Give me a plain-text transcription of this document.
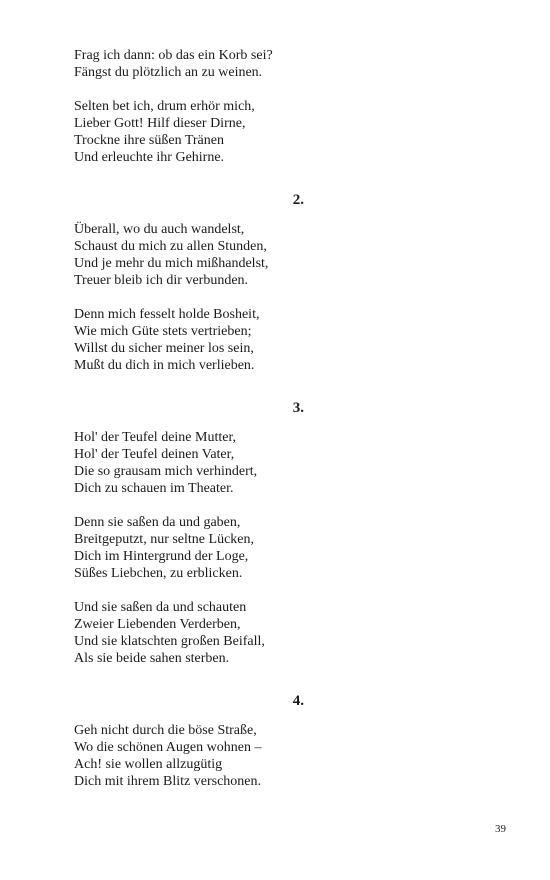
Frag ich dann: ob das ein Korb sei?
Fängst du plötzlich an zu weinen.
Selten bet ich, drum erhör mich,
Lieber Gott! Hilf dieser Dirne,
Trockne ihre süßen Tränen
Und erleuchte ihr Gehirne.
2.
Überall, wo du auch wandelst,
Schaust du mich zu allen Stunden,
Und je mehr du mich mißhandelst,
Treuer bleib ich dir verbunden.
Denn mich fesselt holde Bosheit,
Wie mich Güte stets vertrieben;
Willst du sicher meiner los sein,
Mußt du dich in mich verlieben.
3.
Hol' der Teufel deine Mutter,
Hol' der Teufel deinen Vater,
Die so grausam mich verhindert,
Dich zu schauen im Theater.
Denn sie saßen da und gaben,
Breitgeputzt, nur seltne Lücken,
Dich im Hintergrund der Loge,
Süßes Liebchen, zu erblicken.
Und sie saßen da und schauten
Zweier Liebenden Verderben,
Und sie klatschten großen Beifall,
Als sie beide sahen sterben.
4.
Geh nicht durch die böse Straße,
Wo die schönen Augen wohnen –
Ach! sie wollen allzugütig
Dich mit ihrem Blitz verschonen.
39
